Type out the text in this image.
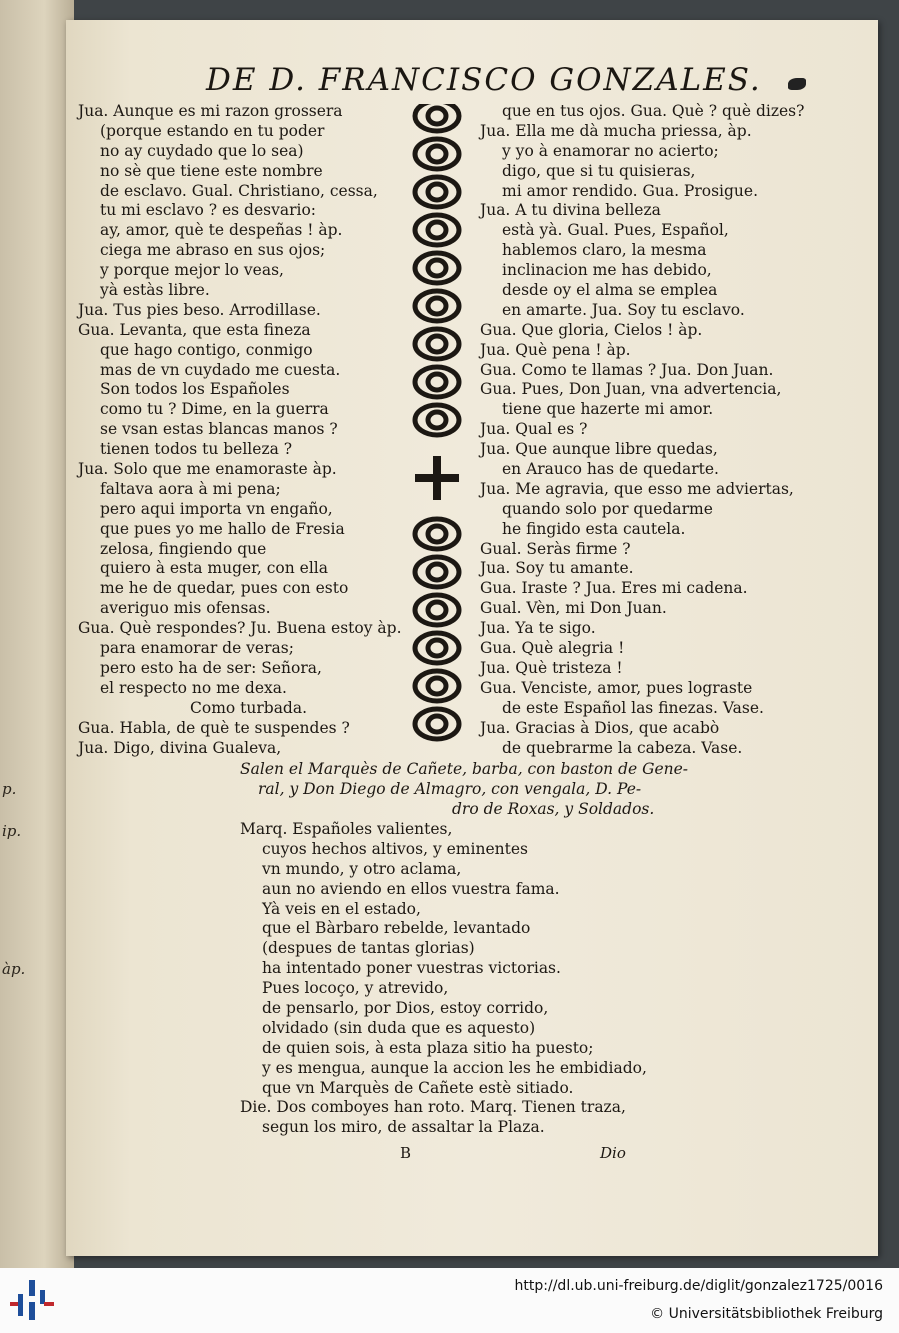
p.
ip.
àp.
DE D. FRANCISCO GONZALES.
Jua. Aunque es mi razon grossera
(porque estando en tu poder
no ay cuydado que lo sea)
no sè que tiene este nombre
de esclavo. Gual. Christiano, cessa,
tu mi esclavo ? es desvario:
ay, amor, què te despeñas ! àp.
ciega me abraso en sus ojos;
y porque mejor lo veas,
yà estàs libre.
Jua. Tus pies beso. Arrodillase.
Gua. Levanta, que esta fineza
que hago contigo, conmigo
mas de vn cuydado me cuesta.
Son todos los Españoles
como tu ? Dime, en la guerra
se vsan estas blancas manos ?
tienen todos tu belleza ?
Jua. Solo que me enamoraste àp.
faltava aora à mi pena;
pero aqui importa vn engaño,
que pues yo me hallo de Fresia
zelosa, fingiendo que
quiero à esta muger, con ella
me he de quedar, pues con esto
averiguo mis ofensas.
Gua. Què respondes? Ju. Buena estoy àp.
para enamorar de veras;
pero esto ha de ser: Señora,
el respecto no me dexa.
Como turbada.
Gua. Habla, de què te suspendes ?
Jua. Digo, divina Gualeva,
que en tus ojos. Gua. Què ? què dizes?
Jua. Ella me dà mucha priessa, àp.
y yo à enamorar no acierto;
digo, que si tu quisieras,
mi amor rendido. Gua. Prosigue.
Jua. A tu divina belleza
està yà. Gual. Pues, Español,
hablemos claro, la mesma
inclinacion me has debido,
desde oy el alma se emplea
en amarte. Jua. Soy tu esclavo.
Gua. Que gloria, Cielos ! àp.
Jua. Què pena ! àp.
Gua. Como te llamas ? Jua. Don Juan.
Gua. Pues, Don Juan, vna advertencia,
tiene que hazerte mi amor.
Jua. Qual es ?
Jua. Que aunque libre quedas,
en Arauco has de quedarte.
Jua. Me agravia, que esso me adviertas,
quando solo por quedarme
he fingido esta cautela.
Gual. Seràs firme ?
Jua. Soy tu amante.
Gua. Iraste ? Jua. Eres mi cadena.
Gual. Vèn, mi Don Juan.
Jua. Ya te sigo.
Gua. Què alegria !
Jua. Què tristeza !
Gua. Venciste, amor, pues lograste
de este Español las finezas. Vase.
Jua. Gracias à Dios, que acabò
de quebrarme la cabeza. Vase.
Salen el Marquès de Cañete, barba, con baston de Gene-
ral, y Don Diego de Almagro, con vengala, D. Pe-
dro de Roxas, y Soldados.
Marq. Españoles valientes,
cuyos hechos altivos, y eminentes
vn mundo, y otro aclama,
aun no aviendo en ellos vuestra fama.
Yà veis en el estado,
que el Bàrbaro rebelde, levantado
(despues de tantas glorias)
ha intentado poner vuestras victorias.
Pues locoço, y atrevido,
de pensarlo, por Dios, estoy corrido,
olvidado (sin duda que es aquesto)
de quien sois, à esta plaza sitio ha puesto;
y es mengua, aunque la accion les he embidiado,
que vn Marquès de Cañete estè sitiado.
Die. Dos comboyes han roto. Marq. Tienen traza,
segun los miro, de assaltar la Plaza.
B	Dio
http://dl.ub.uni-freiburg.de/diglit/gonzalez1725/0016
© Universitätsbibliothek Freiburg
